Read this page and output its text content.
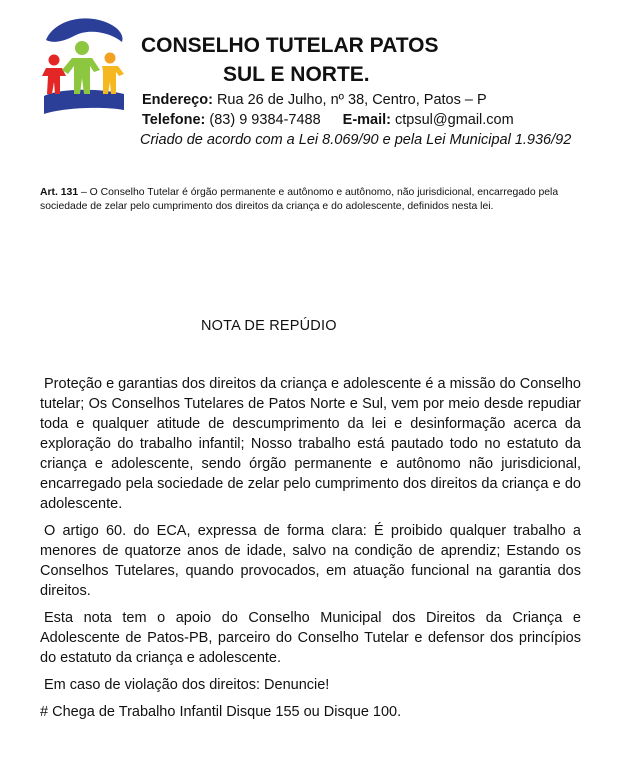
CONSELHO TUTELAR PATOS
SUL E NORTE.
Endereço: Rua 26 de Julho, nº 38, Centro, Patos – P
Telefone: (83) 9 9384-7488 E-mail: ctpsul@gmail.com
Criado de acordo com a Lei 8.069/90 e pela Lei Municipal 1.936/92
Art. 131 – O Conselho Tutelar é órgão permanente e autônomo e autônomo, não jurisdicional, encarregado pela sociedade de zelar pelo cumprimento dos direitos da criança e do adolescente, definidos nesta lei.
NOTA DE REPÚDIO

Proteção e garantias dos direitos da criança e adolescente é a missão do Conselho tutelar; Os Conselhos Tutelares de Patos Norte e Sul, vem por meio desde repudiar toda e qualquer atitude de descumprimento da lei e desinformação acerca da exploração do trabalho infantil; Nosso trabalho está pautado todo no estatuto da criança e adolescente, sendo órgão permanente e autônomo não jurisdicional, encarregado pela sociedade de zelar pelo cumprimento dos direitos da criança e do adolescente.

O artigo 60. do ECA, expressa de forma clara: É proibido qualquer trabalho a menores de quatorze anos de idade, salvo na condição de aprendiz; Estando os Conselhos Tutelares, quando provocados, em atuação funcional na garantia dos direitos.

Esta nota tem o apoio do Conselho Municipal dos Direitos da Criança e Adolescente de Patos-PB, parceiro do Conselho Tutelar e defensor dos princípios do estatuto da criança e adolescente.

Em caso de violação dos direitos: Denuncie!

# Chega de Trabalho Infantil Disque 155 ou Disque 100.
